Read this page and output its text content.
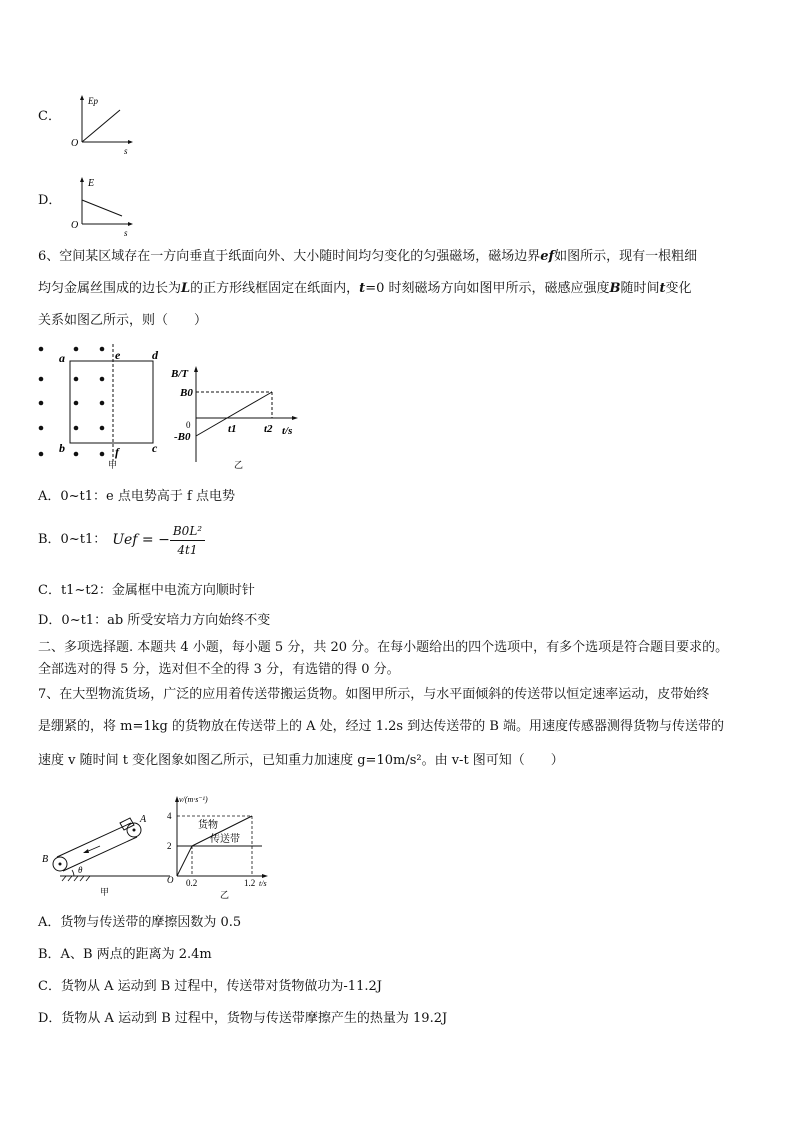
C．
Ep
O
s
D．
E
O
s
6、空间某区域存在一方向垂直于纸面向外、大小随时间均匀变化的匀强磁场，磁场边界ef如图所示，现有一根粗细
均匀金属丝围成的边长为L的正方形线框固定在纸面内，t=0 时刻磁场方向如图甲所示，磁感应强度B随时间t变化
关系如图乙所示，则（　　）
a	e	d
b	f	c
甲
B/T
B0
0
-B0
t1 t2 t/s
乙
A．0~t1：e 点电势高于 f 点电势
B．0~t1： Uef = − $\frac{\text{B0L²}}{4t1}$
C．t1~t2：金属框中电流方向顺时针
D．0~t1：ab 所受安培力方向始终不变
二、多项选择题. 本题共 4 小题，每小题 5 分，共 20 分。在每小题给出的四个选项中，有多个选项是符合题目要求的。
全部选对的得 5 分，选对但不全的得 3 分，有选错的得 0 分。
7、在大型物流货场，广泛的应用着传送带搬运货物。如图甲所示，与水平面倾斜的传送带以恒定速率运动，皮带始终
是绷紧的，将 m=1kg 的货物放在传送带上的 A 处，经过 1.2s 到达传送带的 B 端。用速度传感器测得货物与传送带的
速度 v 随时间 t 变化图象如图乙所示，已知重力加速度 g=10m/s²。由 v-t 图可知（　　）
A
B
θ
甲
v/(m·s⁻¹)
4
2
O 0.2	1.2 t/s
货物
传送带
乙
A．货物与传送带的摩擦因数为 0.5
B．A、B 两点的距离为 2.4m
C．货物从 A 运动到 B 过程中，传送带对货物做功为-11.2J
D．货物从 A 运动到 B 过程中，货物与传送带摩擦产生的热量为 19.2J
